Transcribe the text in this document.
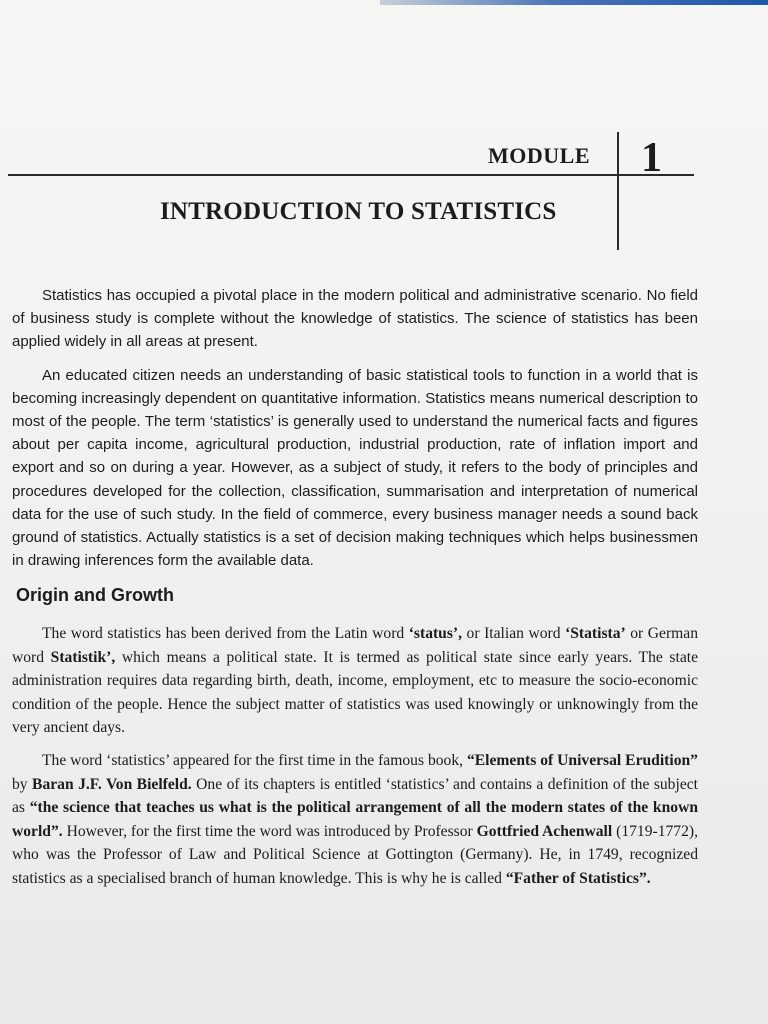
MODULE 1
INTRODUCTION TO STATISTICS

Statistics has occupied a pivotal place in the modern political and administrative scenario. No field of business study is complete without the knowledge of statistics. The science of statistics has been applied widely in all areas at present.

An educated citizen needs an understanding of basic statistical tools to function in a world that is becoming increasingly dependent on quantitative information. Statistics means numerical description to most of the people. The term ‘statistics’ is generally used to understand the numerical facts and figures about per capita income, agricultural production, industrial production, rate of inflation import and export and so on during a year. However, as a subject of study, it refers to the body of principles and procedures developed for the collection, classification, summarisation and interpretation of numerical data for the use of such study. In the field of commerce, every business manager needs a sound back ground of statistics. Actually statistics is a set of decision making techniques which helps businessmen in drawing inferences form the available data.

Origin and Growth

The word statistics has been derived from the Latin word ‘status’, or Italian word ‘Statista’ or German word Statistik’, which means a political state. It is termed as political state since early years. The state administration requires data regarding birth, death, income, employment, etc to measure the socio-economic condition of the people. Hence the subject matter of statistics was used knowingly or unknowingly from the very ancient days.

The word ‘statistics’ appeared for the first time in the famous book, “Elements of Universal Erudition” by Baran J.F. Von Bielfeld. One of its chapters is entitled ‘statistics’ and contains a definition of the subject as “the science that teaches us what is the political arrangement of all the modern states of the known world”. However, for the first time the word was introduced by Professor Gottfried Achenwall (1719-1772), who was the Professor of Law and Political Science at Gottington (Germany). He, in 1749, recognized statistics as a specialised branch of human knowledge. This is why he is called “Father of Statistics”.
